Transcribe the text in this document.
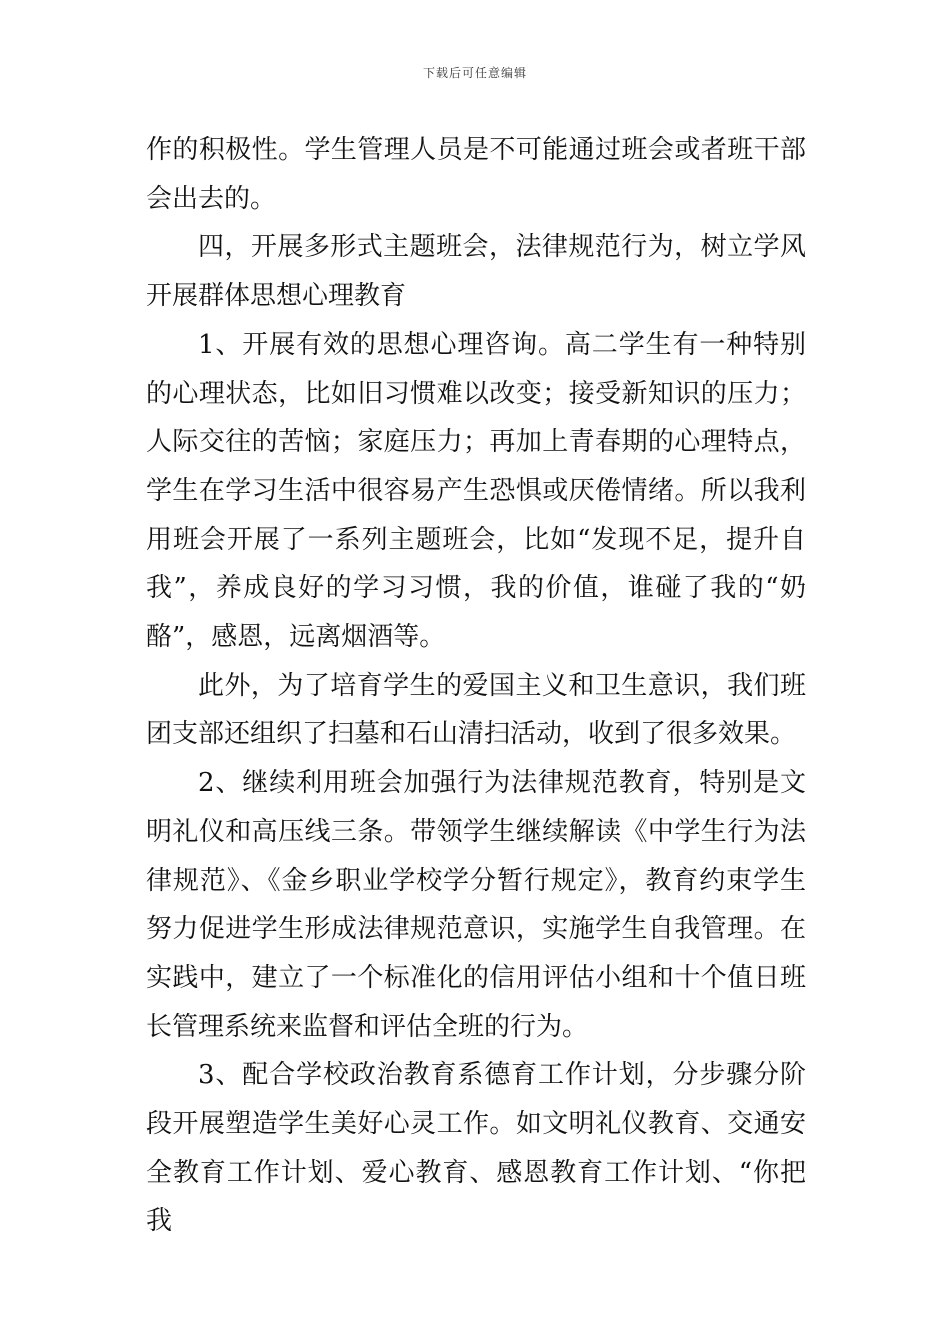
下载后可任意编辑

作的积极性。学生管理人员是不可能通过班会或者班干部会出去的。

四，开展多形式主题班会，法律规范行为，树立学风开展群体思想心理教育

1、开展有效的思想心理咨询。高二学生有一种特别的心理状态，比如旧习惯难以改变；接受新知识的压力；人际交往的苦恼；家庭压力；再加上青春期的心理特点，学生在学习生活中很容易产生恐惧或厌倦情绪。所以我利用班会开展了一系列主题班会，比如“发现不足，提升自我”，养成良好的学习习惯，我的价值，谁碰了我的“奶酪”，感恩，远离烟酒等。

此外，为了培育学生的爱国主义和卫生意识，我们班团支部还组织了扫墓和石山清扫活动，收到了很多效果。

2、继续利用班会加强行为法律规范教育，特别是文明礼仪和高压线三条。带领学生继续解读《中学生行为法律规范》、《金乡职业学校学分暂行规定》，教育约束学生努力促进学生形成法律规范意识，实施学生自我管理。在实践中，建立了一个标准化的信用评估小组和十个值日班长管理系统来监督和评估全班的行为。

3、配合学校政治教育系德育工作计划，分步骤分阶段开展塑造学生美好心灵工作。如文明礼仪教育、交通安全教育工作计划、爱心教育、感恩教育工作计划、“你把我
